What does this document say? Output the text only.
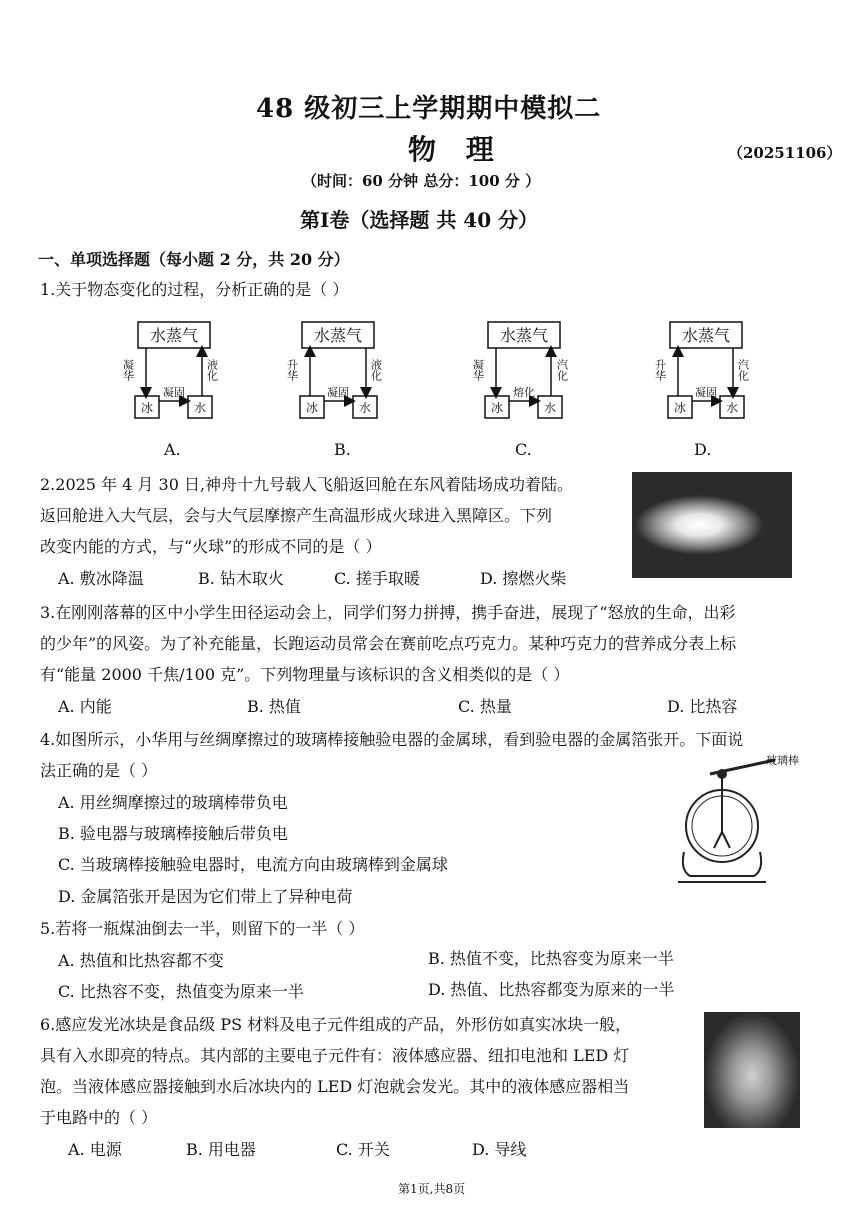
48 级初三上学期期中模拟二
物 理	（20251106）
（时间：60 分钟 总分：100 分 ）
第Ⅰ卷（选择题 共 40 分）
一、单项选择题（每小题 2 分，共 20 分）
1.关于物态变化的过程，分析正确的是（ ）
水蒸气
冰	水
凝华	液化
凝固
水蒸气
冰	水
升华	液化
凝固
水蒸气
冰	水
凝华	汽化
熔化
水蒸气
冰	水
升华	汽化
凝固
A.	B.	C.	D.
2.2025 年 4 月 30 日,神舟十九号载人飞船返回舱在东风着陆场成功着陆。
返回舱进入大气层，会与大气层摩擦产生高温形成火球进入黑障区。下列
改变内能的方式，与“火球”的形成不同的是（ ）
A. 敷冰降温	B. 钻木取火	C. 搓手取暖	D. 擦燃火柴
3.在刚刚落幕的区中小学生田径运动会上，同学们努力拼搏，携手奋进，展现了“怒放的生命，出彩
的少年”的风姿。为了补充能量，长跑运动员常会在赛前吃点巧克力。某种巧克力的营养成分表上标
有“能量 2000 千焦/100 克”。下列物理量与该标识的含义相类似的是（ ）
A. 内能	B. 热值	C. 热量	D. 比热容
4.如图所示，小华用与丝绸摩擦过的玻璃棒接触验电器的金属球，看到验电器的金属箔张开。下面说
法正确的是（ ）
A. 用丝绸摩擦过的玻璃棒带负电
B. 验电器与玻璃棒接触后带负电
C. 当玻璃棒接触验电器时，电流方向由玻璃棒到金属球
D. 金属箔张开是因为它们带上了异种电荷
玻璃棒
5.若将一瓶煤油倒去一半，则留下的一半（ ）
A. 热值和比热容都不变	B. 热值不变，比热容变为原来一半
C. 比热容不变，热值变为原来一半	D. 热值、比热容都变为原来的一半
6.感应发光冰块是食品级 PS 材料及电子元件组成的产品，外形仿如真实冰块一般，
具有入水即亮的特点。其内部的主要电子元件有：液体感应器、纽扣电池和 LED 灯
泡。当液体感应器接触到水后冰块内的 LED 灯泡就会发光。其中的液体感应器相当
于电路中的（ ）
A. 电源	B. 用电器	C. 开关	D. 导线
第1页,共8页
